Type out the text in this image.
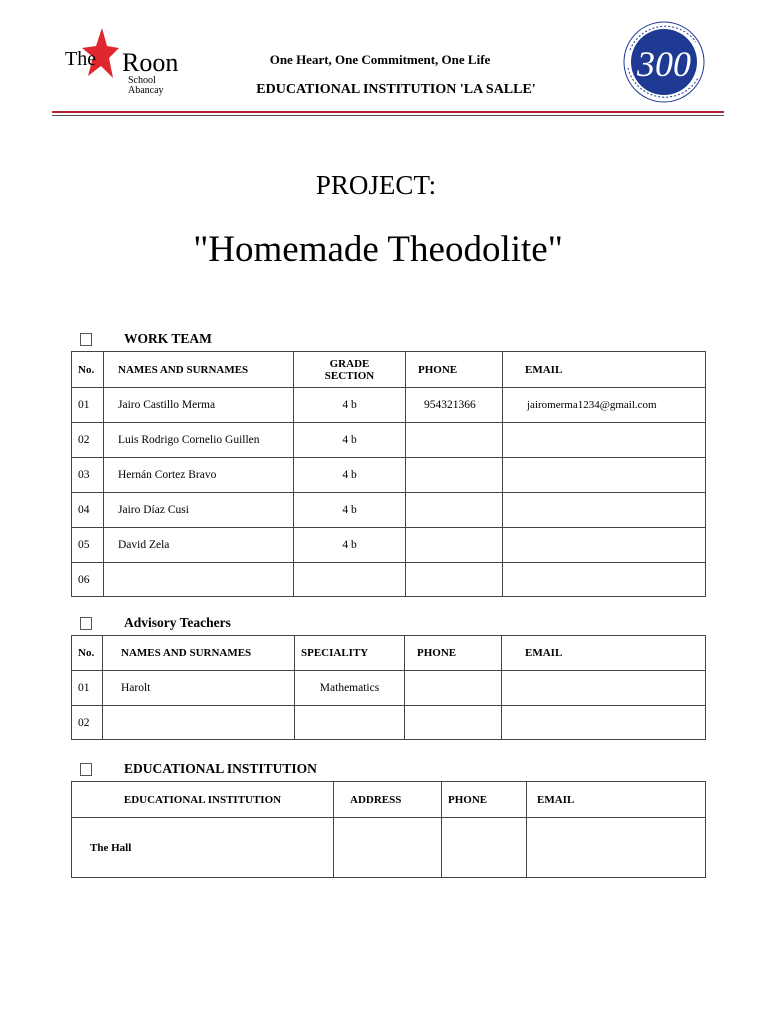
The Roon
School
Abancay
One Heart, One Commitment, One Life
EDUCATIONAL INSTITUTION 'LA SALLE'
300
PROJECT:
"Homemade Theodolite"
WORK TEAM
No.	NAMES AND SURNAMES	GRADE SECTION	PHONE	EMAIL
01	Jairo Castillo Merma	4 b	954321366	jairomerma1234@gmail.com
02	Luis Rodrigo Cornelio Guillen	4 b		
03	Hernán Cortez Bravo	4 b		
04	Jairo Díaz Cusi	4 b		
05	David Zela	4 b		
06				
Advisory Teachers
No.	NAMES AND SURNAMES	SPECIALITY	PHONE	EMAIL
01	Harolt	Mathematics		
02				
EDUCATIONAL INSTITUTION
EDUCATIONAL INSTITUTION	ADDRESS	PHONE	EMAIL
The Hall			
